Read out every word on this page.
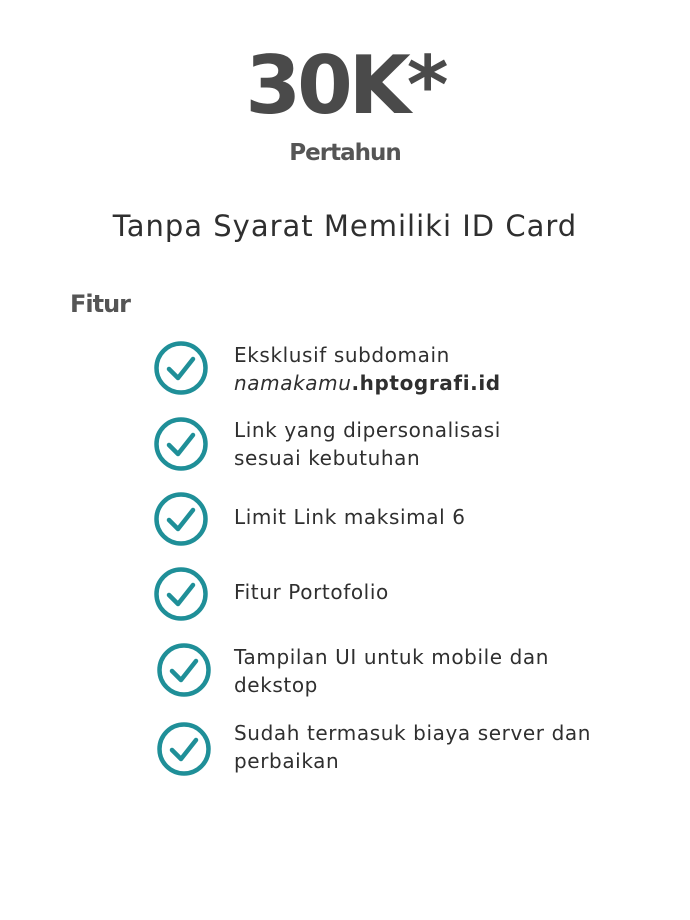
30K*
Pertahun
Tanpa Syarat Memiliki ID Card
Fitur
Eksklusif subdomain
namakamu.hptografi.id
Link yang dipersonalisasi
sesuai kebutuhan
Limit Link maksimal 6
Fitur Portofolio
Tampilan UI untuk mobile dan
dekstop
Sudah termasuk biaya server dan
perbaikan
